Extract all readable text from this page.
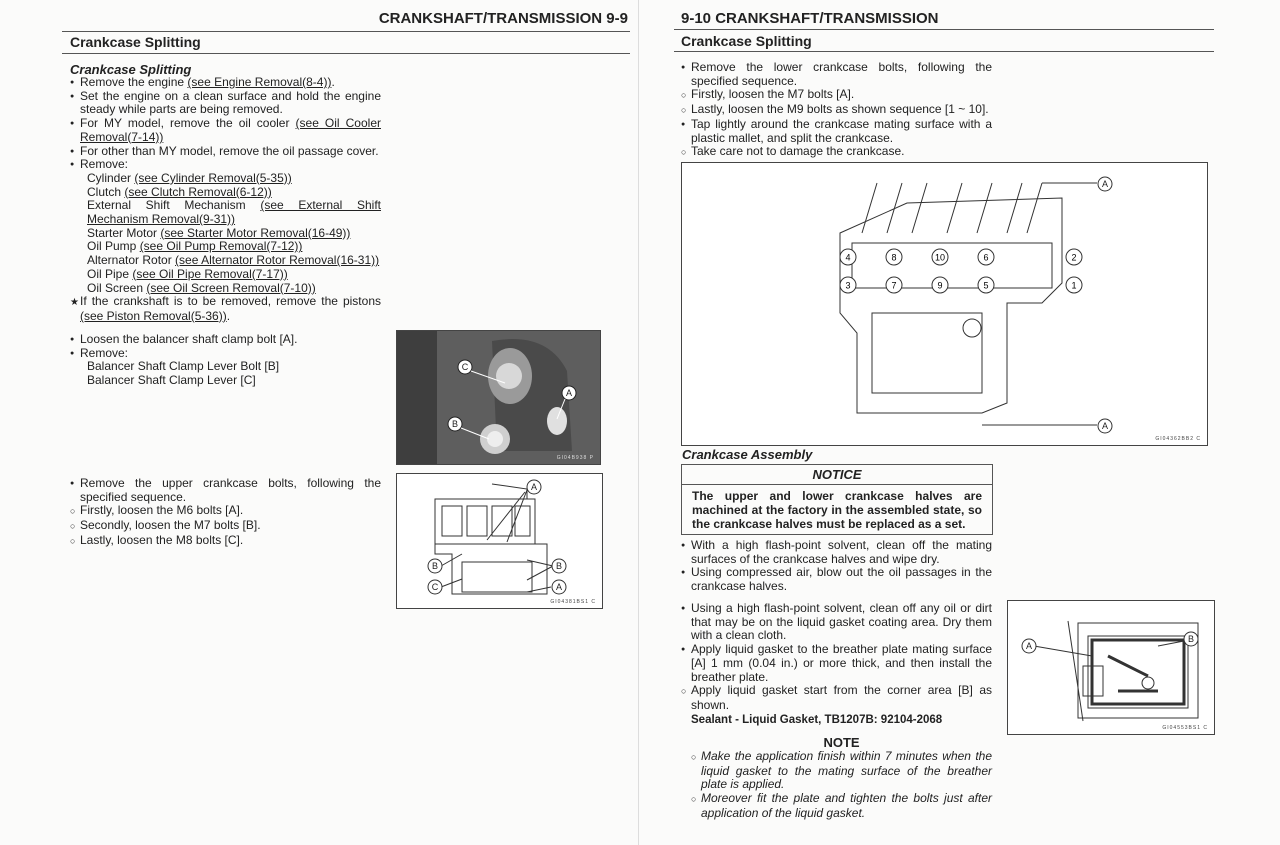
CRANKSHAFT/TRANSMISSION 9-9
Crankcase Splitting
Crankcase Splitting

● Remove the engine (see Engine Removal(8-4)).

● Set the engine on a clean surface and hold the engine steady while parts are being removed.

● For MY model, remove the oil cooler (see Oil Cooler Removal(7-14))

● For other than MY model, remove the oil passage cover.

● Remove:

Cylinder (see Cylinder Removal(5-35))

Clutch (see Clutch Removal(6-12))

External Shift Mechanism (see External Shift Mechanism Removal(9-31))

Starter Motor (see Starter Motor Removal(16-49))

Oil Pump (see Oil Pump Removal(7-12))

Alternator Rotor (see Alternator Rotor Removal(16-31))

Oil Pipe (see Oil Pipe Removal(7-17))

Oil Screen (see Oil Screen Removal(7-10))

★ If the crankshaft is to be removed, remove the pistons (see Piston Removal(5-36)).

● Loosen the balancer shaft clamp bolt [A].

● Remove:

Balancer Shaft Clamp Lever Bolt [B]

Balancer Shaft Clamp Lever [C]

C
A
B
GI04B938 P

● Remove the upper crankcase bolts, following the specified sequence.

○ Firstly, loosen the M6 bolts [A].

○ Secondly, loosen the M7 bolts [B].

○ Lastly, loosen the M8 bolts [C].

A
B	B
C	A
GI04381BS1 C
9-10 CRANKSHAFT/TRANSMISSION
Crankcase Splitting

● Remove the lower crankcase bolts, following the specified sequence.

○ Firstly, loosen the M7 bolts [A].

○ Lastly, loosen the M9 bolts as shown sequence [1 ~ 10].

● Tap lightly around the crankcase mating surface with a plastic mallet, and split the crankcase.

○ Take care not to damage the crankcase.

1
2
3
4
5
6
7
8
9
10
A
A
GI04362BB2 C
Crankcase Assembly
NOTICE
The upper and lower crankcase halves are machined at the factory in the assembled state, so the crankcase halves must be replaced as a set.

● With a high flash-point solvent, clean off the mating surfaces of the crankcase halves and wipe dry.

● Using compressed air, blow out the oil passages in the crankcase halves.

● Using a high flash-point solvent, clean off any oil or dirt that may be on the liquid gasket coating area. Dry them with a clean cloth.

● Apply liquid gasket to the breather plate mating surface [A] 1 mm (0.04 in.) or more thick, and then install the breather plate.

○ Apply liquid gasket start from the corner area [B] as shown.

Sealant - Liquid Gasket, TB1207B: 92104-2068
NOTE

○ Make the application finish within 7 minutes when the liquid gasket to the mating surface of the breather plate is applied.

○ Moreover fit the plate and tighten the bolts just after application of the liquid gasket.

A
B
GI04553BS1 C
